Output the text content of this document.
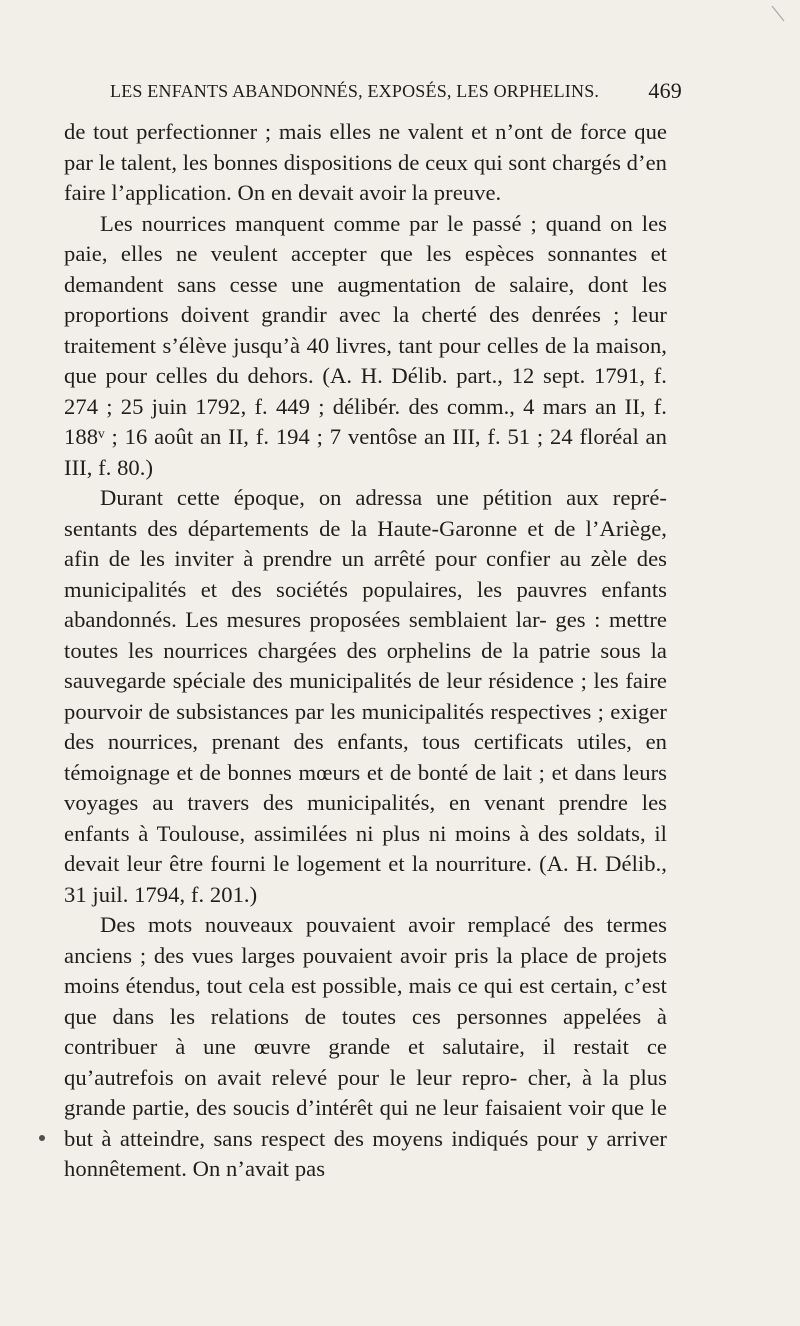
LES ENFANTS ABANDONNÉS, EXPOSÉS, LES ORPHELINS. 469

de tout perfectionner ; mais elles ne valent et n’ont de force que par le talent, les bonnes dispositions de ceux qui sont chargés d’en faire l’application. On en devait avoir la preuve.

Les nourrices manquent comme par le passé ; quand on les paie, elles ne veulent accepter que les espèces sonnantes et demandent sans cesse une augmentation de salaire, dont les proportions doivent grandir avec la cherté des denrées ; leur traitement s’élève jusqu’à 40 livres, tant pour celles de la maison, que pour celles du dehors. (A. H. Délib. part., 12 sept. 1791, f. 274 ; 25 juin 1792, f. 449 ; délibér. des comm., 4 mars an II, f. 188ᵛ ; 16 août an II, f. 194 ; 7 ventôse an III, f. 51 ; 24 floréal an III, f. 80.)

Durant cette époque, on adressa une pétition aux repré- sentants des départements de la Haute-Garonne et de l’Ariège, afin de les inviter à prendre un arrêté pour confier au zèle des municipalités et des sociétés populaires, les pauvres enfants abandonnés. Les mesures proposées semblaient lar- ges : mettre toutes les nourrices chargées des orphelins de la patrie sous la sauvegarde spéciale des municipalités de leur résidence ; les faire pourvoir de subsistances par les municipalités respectives ; exiger des nourrices, prenant des enfants, tous certificats utiles, en témoignage et de bonnes mœurs et de bonté de lait ; et dans leurs voyages au travers des municipalités, en venant prendre les enfants à Toulouse, assimilées ni plus ni moins à des soldats, il devait leur être fourni le logement et la nourriture. (A. H. Délib., 31 juil. 1794, f. 201.)

Des mots nouveaux pouvaient avoir remplacé des termes anciens ; des vues larges pouvaient avoir pris la place de projets moins étendus, tout cela est possible, mais ce qui est certain, c’est que dans les relations de toutes ces personnes appelées à contribuer à une œuvre grande et salutaire, il restait ce qu’autrefois on avait relevé pour le leur repro- cher, à la plus grande partie, des soucis d’intérêt qui ne leur faisaient voir que le but à atteindre, sans respect des moyens indiqués pour y arriver honnêtement. On n’avait pas
